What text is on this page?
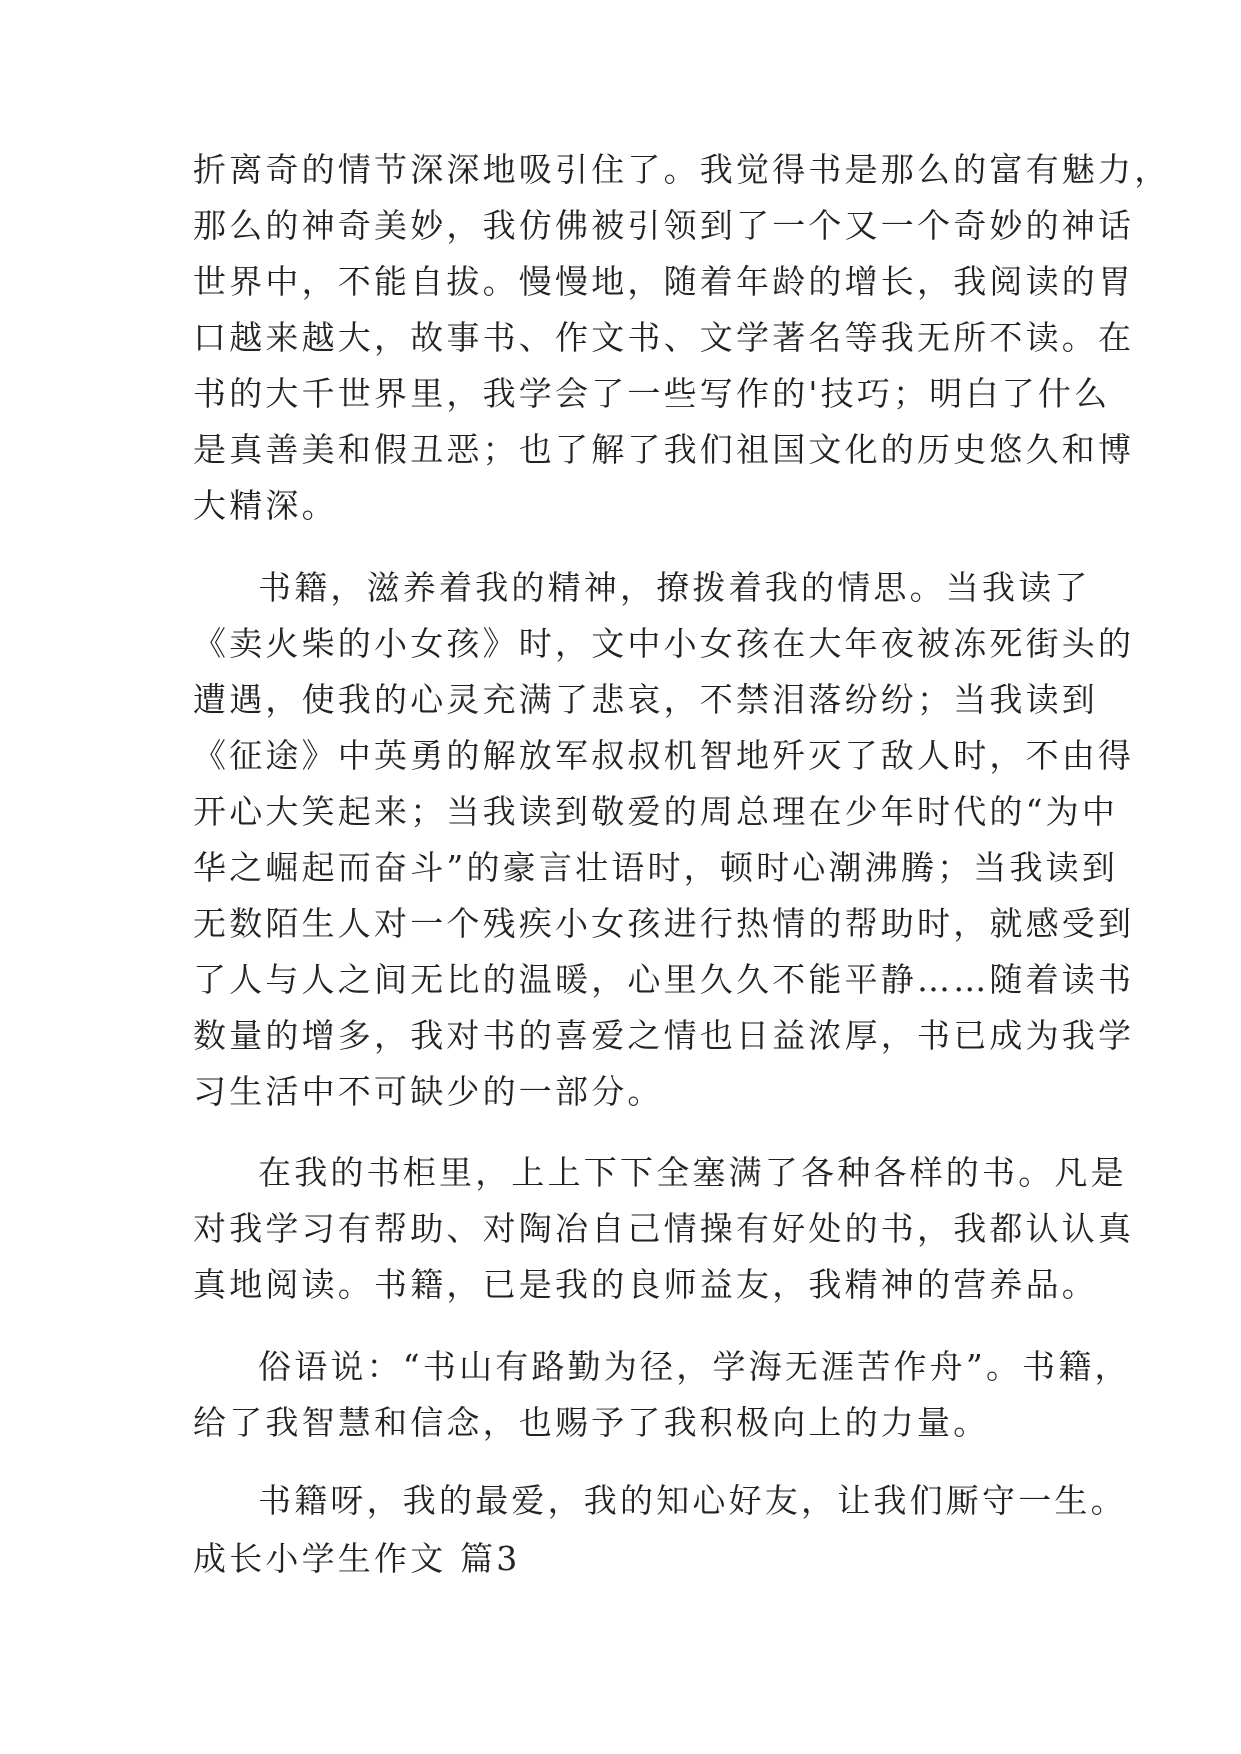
折离奇的情节深深地吸引住了。我觉得书是那么的富有魅力，
那么的神奇美妙，我仿佛被引领到了一个又一个奇妙的神话
世界中，不能自拔。慢慢地，随着年龄的增长，我阅读的胃
口越来越大，故事书、作文书、文学著名等我无所不读。在
书的大千世界里，我学会了一些写作的'技巧；明白了什么
是真善美和假丑恶；也了解了我们祖国文化的历史悠久和博
大精深。
书籍，滋养着我的精神，撩拨着我的情思。当我读了
《卖火柴的小女孩》时，文中小女孩在大年夜被冻死街头的
遭遇，使我的心灵充满了悲哀，不禁泪落纷纷；当我读到
《征途》中英勇的解放军叔叔机智地歼灭了敌人时，不由得
开心大笑起来；当我读到敬爱的周总理在少年时代的“为中
华之崛起而奋斗”的豪言壮语时，顿时心潮沸腾；当我读到
无数陌生人对一个残疾小女孩进行热情的帮助时，就感受到
了人与人之间无比的温暖，心里久久不能平静……随着读书
数量的增多，我对书的喜爱之情也日益浓厚，书已成为我学
习生活中不可缺少的一部分。
在我的书柜里，上上下下全塞满了各种各样的书。凡是
对我学习有帮助、对陶冶自己情操有好处的书，我都认认真
真地阅读。书籍，已是我的良师益友，我精神的营养品。
俗语说：“书山有路勤为径，学海无涯苦作舟”。书籍，
给了我智慧和信念，也赐予了我积极向上的力量。
书籍呀，我的最爱，我的知心好友，让我们厮守一生。
成长小学生作文 篇3
